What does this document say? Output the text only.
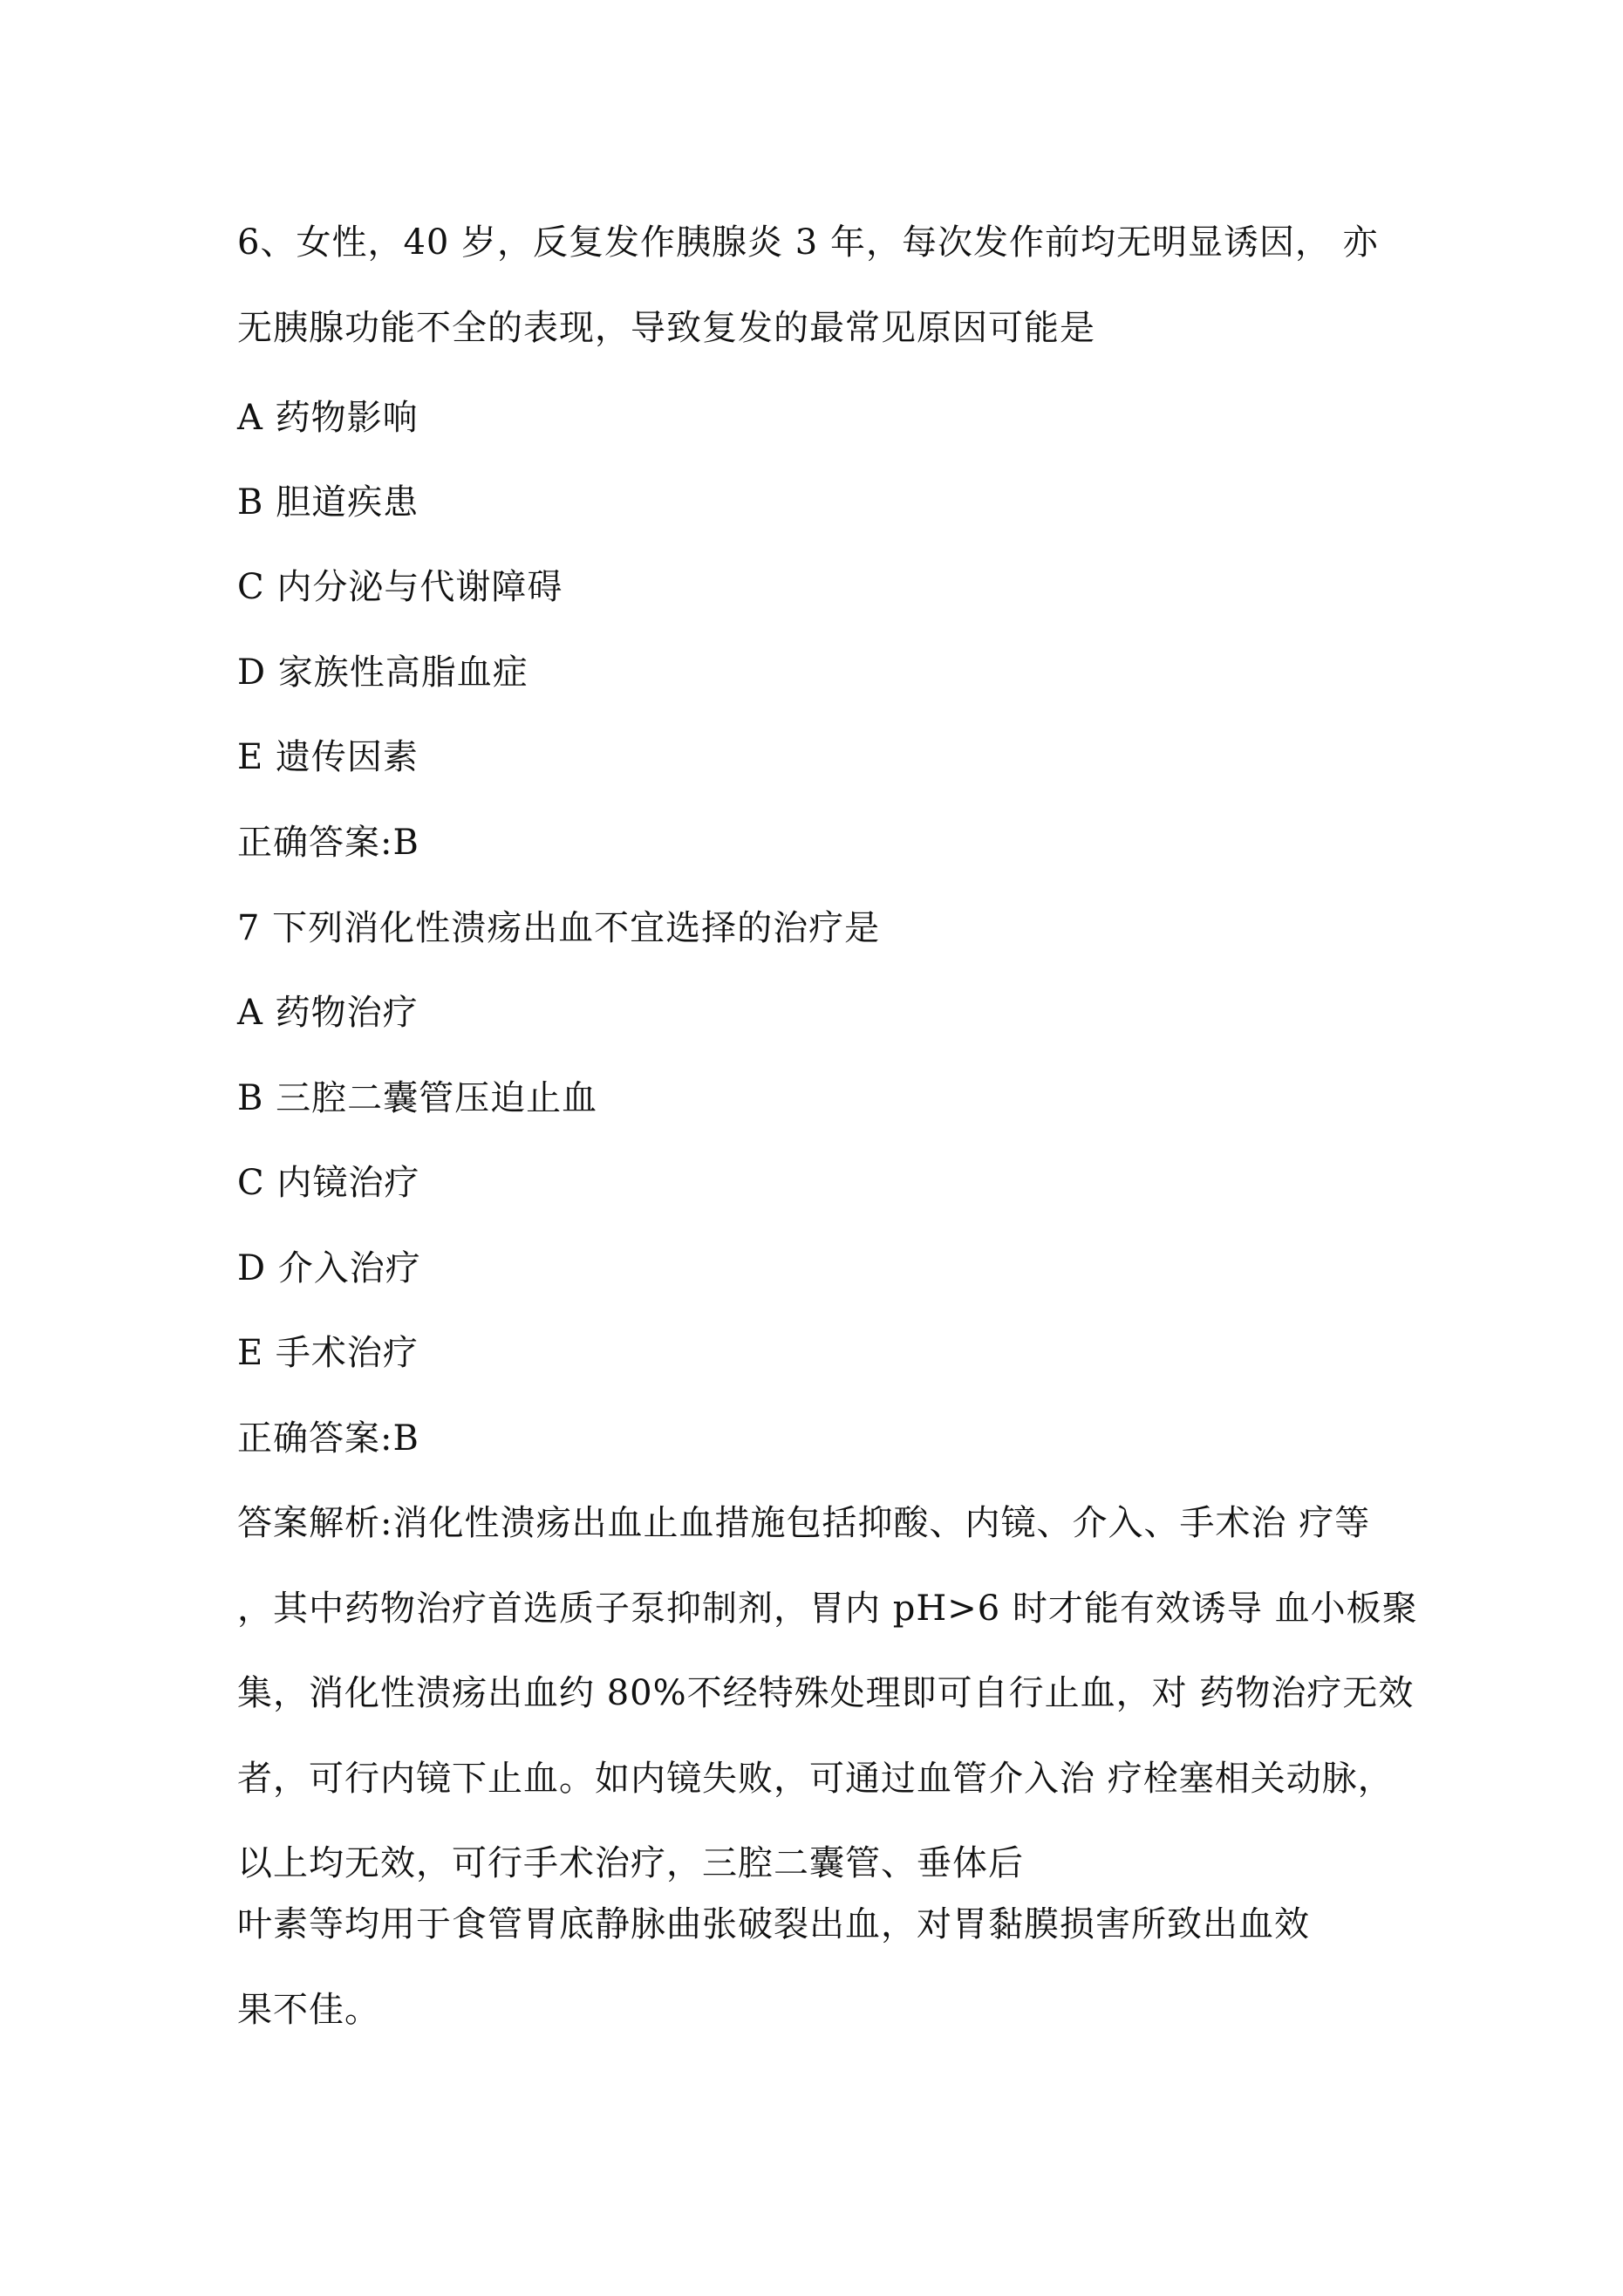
6、女性，40 岁，反复发作胰腺炎 3 年，每次发作前均无明显诱因， 亦
无胰腺功能不全的表现，导致复发的最常见原因可能是
A 药物影响
B 胆道疾患
C 内分泌与代谢障碍
D 家族性高脂血症
E 遗传因素
正确答案:B
7 下列消化性溃疡出血不宜选择的治疗是
A 药物治疗
B 三腔二囊管压迫止血
C 内镜治疗
D 介入治疗
E 手术治疗
正确答案:B
答案解析:消化性溃疡出血止血措施包括抑酸、内镜、介入、手术治 疗等
，其中药物治疗首选质子泵抑制剂，胃内 pH>6 时才能有效诱导 血小板聚
集，消化性溃疡出血约 80%不经特殊处理即可自行止血，对 药物治疗无效
者，可行内镜下止血。如内镜失败，可通过血管介入治 疗栓塞相关动脉，
以上均无效，可行手术治疗，三腔二囊管、垂体后
叶素等均用于食管胃底静脉曲张破裂出血，对胃黏膜损害所致出血效
果不佳。
